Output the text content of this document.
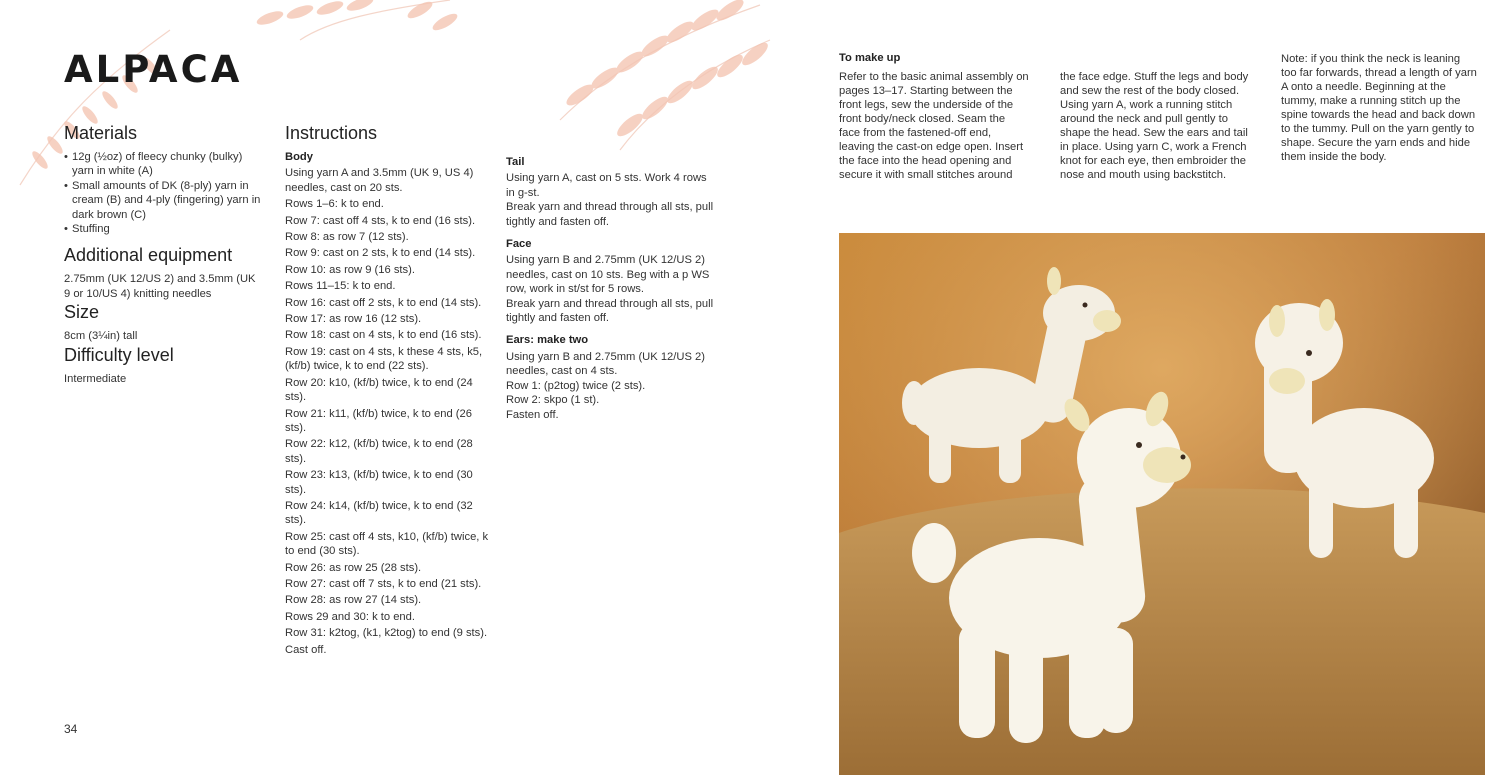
ALPACA
Materials
• 12g (½oz) of fleecy chunky (bulky) yarn in white (A)
• Small amounts of DK (8-ply) yarn in cream (B) and 4-ply (fingering) yarn in dark brown (C)
• Stuffing
Additional equipment

2.75mm (UK 12/US 2) and 3.5mm (UK 9 or 10/US 4) knitting needles

Size

8cm (3¼in) tall

Difficulty level

Intermediate

Instructions
Body
Using yarn A and 3.5mm (UK 9, US 4) needles, cast on 20 sts.
Rows 1–6: k to end.
Row 7: cast off 4 sts, k to end (16 sts).
Row 8: as row 7 (12 sts).
Row 9: cast on 2 sts, k to end (14 sts).
Row 10: as row 9 (16 sts).
Rows 11–15: k to end.
Row 16: cast off 2 sts, k to end (14 sts).
Row 17: as row 16 (12 sts).
Row 18: cast on 4 sts, k to end (16 sts).
Row 19: cast on 4 sts, k these 4 sts, k5, (kf/b) twice, k to end (22 sts).
Row 20: k10, (kf/b) twice, k to end (24 sts).
Row 21: k11, (kf/b) twice, k to end (26 sts).
Row 22: k12, (kf/b) twice, k to end (28 sts).
Row 23: k13, (kf/b) twice, k to end (30 sts).
Row 24: k14, (kf/b) twice, k to end (32 sts).
Row 25: cast off 4 sts, k10, (kf/b) twice, k to end (30 sts).
Row 26: as row 25 (28 sts).
Row 27: cast off 7 sts, k to end (21 sts).
Row 28: as row 27 (14 sts).
Rows 29 and 30: k to end.
Row 31: k2tog, (k1, k2tog) to end (9 sts).
Cast off.
Tail

Using yarn A, cast on 5 sts. Work 4 rows in g-st.

Break yarn and thread through all sts, pull tightly and fasten off.

Face

Using yarn B and 2.75mm (UK 12/US 2) needles, cast on 10 sts. Beg with a p WS row, work in st/st for 5 rows.

Break yarn and thread through all sts, pull tightly and fasten off.

Ears: make two

Using yarn B and 2.75mm (UK 12/US 2) needles, cast on 4 sts.

Row 1: (p2tog) twice (2 sts).

Row 2: skpo (1 st).

Fasten off.

34
To make up

Refer to the basic animal assembly on pages 13–17. Starting between the front legs, sew the underside of the front body/neck closed. Seam the face from the fastened-off end, leaving the cast-on edge open. Insert the face into the head opening and secure it with small stitches around

the face edge. Stuff the legs and body and sew the rest of the body closed. Using yarn A, work a running stitch around the neck and pull gently to shape the head. Sew the ears and tail in place. Using yarn C, work a French knot for each eye, then embroider the nose and mouth using backstitch.

Note: if you think the neck is leaning too far forwards, thread a length of yarn A onto a needle. Beginning at the tummy, make a running stitch up the spine towards the head and back down to the tummy. Pull on the yarn gently to shape. Secure the yarn ends and hide them inside the body.
